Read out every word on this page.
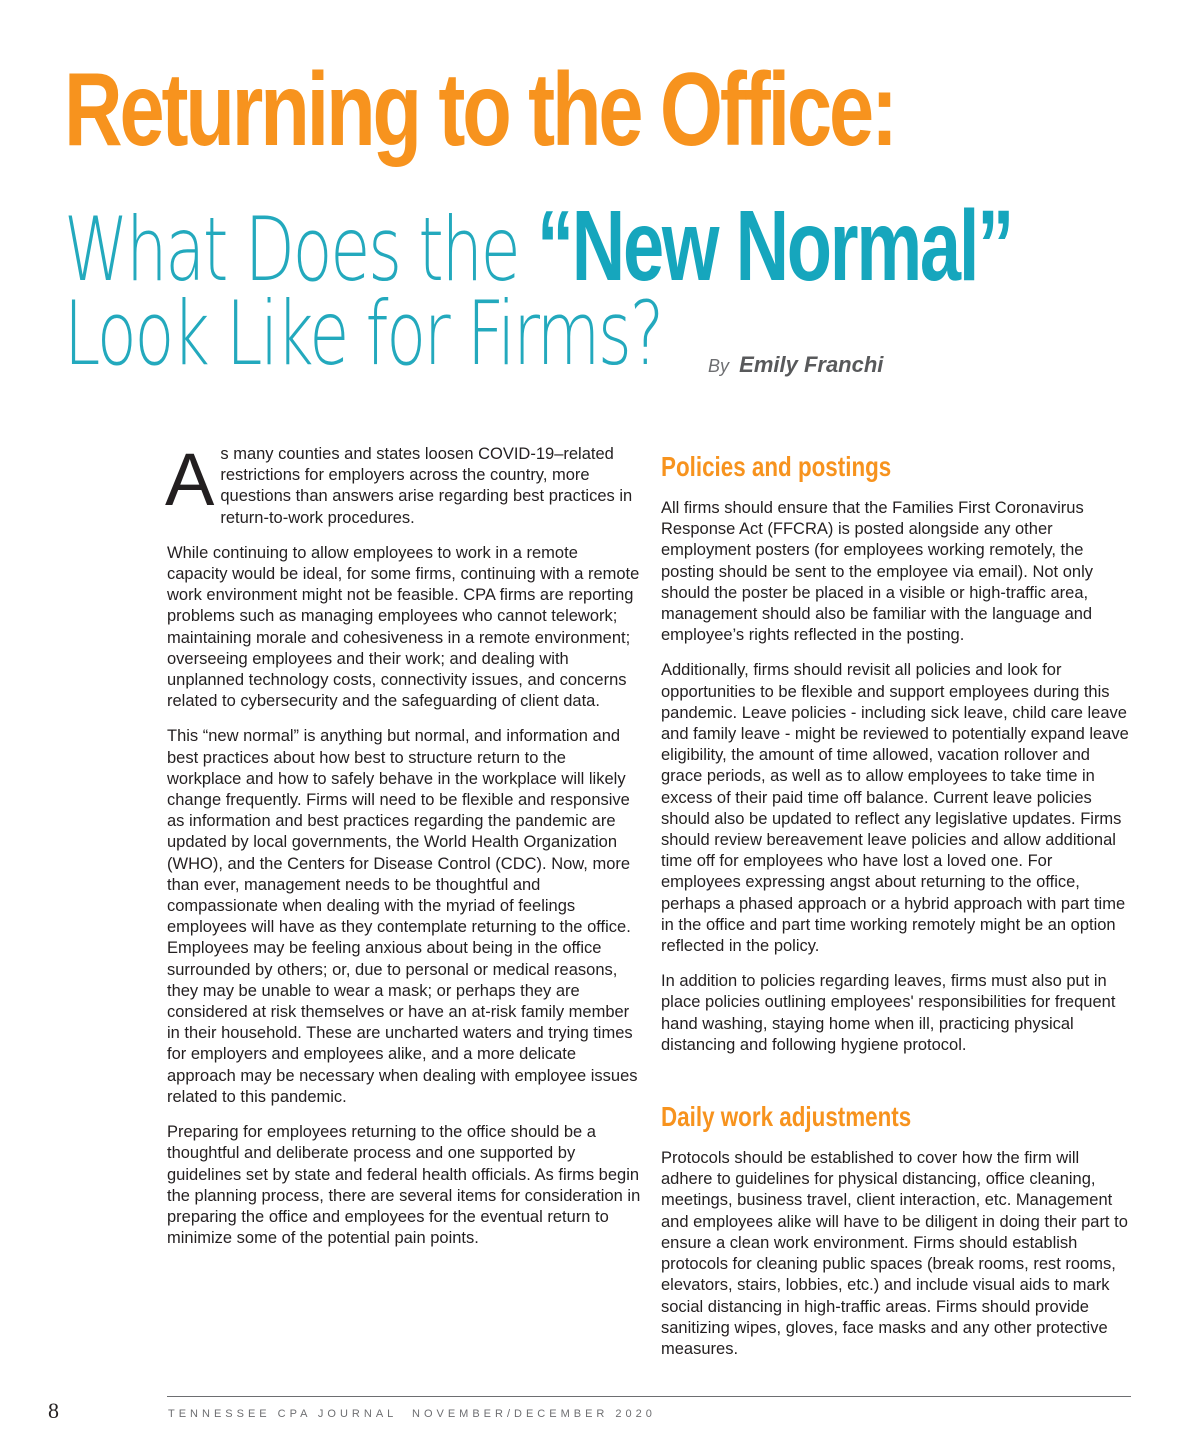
Returning to the Office:
What Does the “New Normal”
Look Like for Firms?	By Emily Franchi

As many counties and states loosen COVID-19–related restrictions for employers across the country, more questions than answers arise regarding best practices in return-to-work procedures.

While continuing to allow employees to work in a remote capacity would be ideal, for some firms, continuing with a remote work environment might not be feasible. CPA firms are reporting problems such as managing employees who cannot telework; maintaining morale and cohesiveness in a remote environment; overseeing employees and their work; and dealing with unplanned technology costs, connectivity issues, and concerns related to cybersecurity and the safeguarding of client data.

This “new normal” is anything but normal, and information and best practices about how best to structure return to the workplace and how to safely behave in the workplace will likely change frequently. Firms will need to be flexible and responsive as information and best practices regarding the pandemic are updated by local governments, the World Health Organization (WHO), and the Centers for Disease Control (CDC). Now, more than ever, management needs to be thoughtful and compassionate when dealing with the myriad of feelings employees will have as they contemplate returning to the office. Employees may be feeling anxious about being in the office surrounded by others; or, due to personal or medical reasons, they may be unable to wear a mask; or perhaps they are considered at risk themselves or have an at-risk family member in their household. These are uncharted waters and trying times for employers and employees alike, and a more delicate approach may be necessary when dealing with employee issues related to this pandemic.

Preparing for employees returning to the office should be a thoughtful and deliberate process and one supported by guidelines set by state and federal health officials. As firms begin the planning process, there are several items for consideration in preparing the office and employees for the eventual return to minimize some of the potential pain points.

Policies and postings

All firms should ensure that the Families First Coronavirus Response Act (FFCRA) is posted alongside any other employment posters (for employees working remotely, the posting should be sent to the employee via email). Not only should the poster be placed in a visible or high-traffic area, management should also be familiar with the language and employee’s rights reflected in the posting.

Additionally, firms should revisit all policies and look for opportunities to be flexible and support employees during this pandemic. Leave policies - including sick leave, child care leave and family leave - might be reviewed to potentially expand leave eligibility, the amount of time allowed, vacation rollover and grace periods, as well as to allow employees to take time in excess of their paid time off balance. Current leave policies should also be updated to reflect any legislative updates. Firms should review bereavement leave policies and allow additional time off for employees who have lost a loved one. For employees expressing angst about returning to the office, perhaps a phased approach or a hybrid approach with part time in the office and part time working remotely might be an option reflected in the policy.

In addition to policies regarding leaves, firms must also put in place policies outlining employees' responsibilities for frequent hand washing, staying home when ill, practicing physical distancing and following hygiene protocol.

Daily work adjustments

Protocols should be established to cover how the firm will adhere to guidelines for physical distancing, office cleaning, meetings, business travel, client interaction, etc. Management and employees alike will have to be diligent in doing their part to ensure a clean work environment. Firms should establish protocols for cleaning public spaces (break rooms, rest rooms, elevators, stairs, lobbies, etc.) and include visual aids to mark social distancing in high-traffic areas. Firms should provide sanitizing wipes, gloves, face masks and any other protective measures.

8	TENNESSEE CPA JOURNAL NOVEMBER/DECEMBER 2020
